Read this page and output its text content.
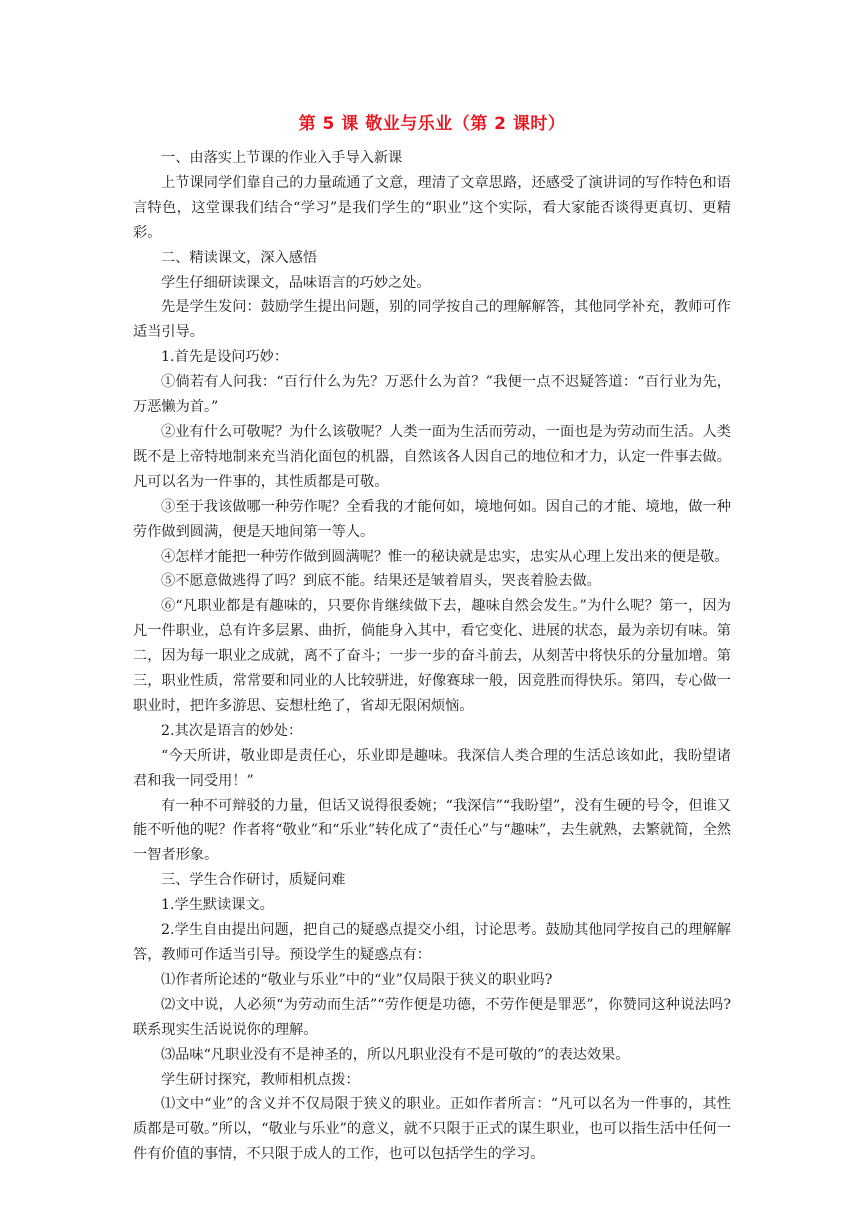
第 5 课 敬业与乐业（第 2 课时）

一、由落实上节课的作业入手导入新课

上节课同学们靠自己的力量疏通了文意，理清了文章思路，还感受了演讲词的写作特色和语言特色，这堂课我们结合“学习”是我们学生的“职业”这个实际，看大家能否谈得更真切、更精彩。

二、精读课文，深入感悟

学生仔细研读课文，品味语言的巧妙之处。

先是学生发问：鼓励学生提出问题，别的同学按自己的理解解答，其他同学补充，教师可作适当引导。

1.首先是设问巧妙：

①倘若有人问我：“百行什么为先？万恶什么为首？”我便一点不迟疑答道：“百行业为先，万恶懒为首。”

②业有什么可敬呢？为什么该敬呢？人类一面为生活而劳动，一面也是为劳动而生活。人类既不是上帝特地制来充当消化面包的机器，自然该各人因自己的地位和才力，认定一件事去做。凡可以名为一件事的，其性质都是可敬。

③至于我该做哪一种劳作呢？全看我的才能何如，境地何如。因自己的才能、境地，做一种劳作做到圆满，便是天地间第一等人。

④怎样才能把一种劳作做到圆满呢？惟一的秘诀就是忠实，忠实从心理上发出来的便是敬。

⑤不愿意做逃得了吗？到底不能。结果还是皱着眉头，哭丧着脸去做。

⑥“凡职业都是有趣味的，只要你肯继续做下去，趣味自然会发生。”为什么呢？第一，因为凡一件职业，总有许多层累、曲折，倘能身入其中，看它变化、进展的状态，最为亲切有味。第二，因为每一职业之成就，离不了奋斗；一步一步的奋斗前去，从刻苦中将快乐的分量加增。第三，职业性质，常常要和同业的人比较骈进，好像赛球一般，因竞胜而得快乐。第四，专心做一职业时，把许多游思、妄想杜绝了，省却无限闲烦恼。

2.其次是语言的妙处：

“今天所讲，敬业即是责任心，乐业即是趣味。我深信人类合理的生活总该如此，我盼望诸君和我一同受用！”

有一种不可辩驳的力量，但话又说得很委婉；“我深信”“我盼望”，没有生硬的号令，但谁又能不听他的呢？作者将“敬业”和“乐业”转化成了“责任心”与“趣味”，去生就熟，去繁就简，全然一智者形象。

三、学生合作研讨，质疑问难

1.学生默读课文。

2.学生自由提出问题，把自己的疑惑点提交小组，讨论思考。鼓励其他同学按自己的理解解答，教师可作适当引导。预设学生的疑惑点有：

⑴作者所论述的“敬业与乐业”中的“业”仅局限于狭义的职业吗?

⑵文中说，人必须“为劳动而生活”“劳作便是功德，不劳作便是罪恶”，你赞同这种说法吗?联系现实生活说说你的理解。

⑶品味“凡职业没有不是神圣的，所以凡职业没有不是可敬的”的表达效果。

学生研讨探究，教师相机点拨：

⑴文中“业”的含义并不仅局限于狭义的职业。正如作者所言：“凡可以名为一件事的，其性质都是可敬。”所以，“敬业与乐业”的意义，就不只限于正式的谋生职业，也可以指生活中任何一件有价值的事情，不只限于成人的工作，也可以包括学生的学习。
